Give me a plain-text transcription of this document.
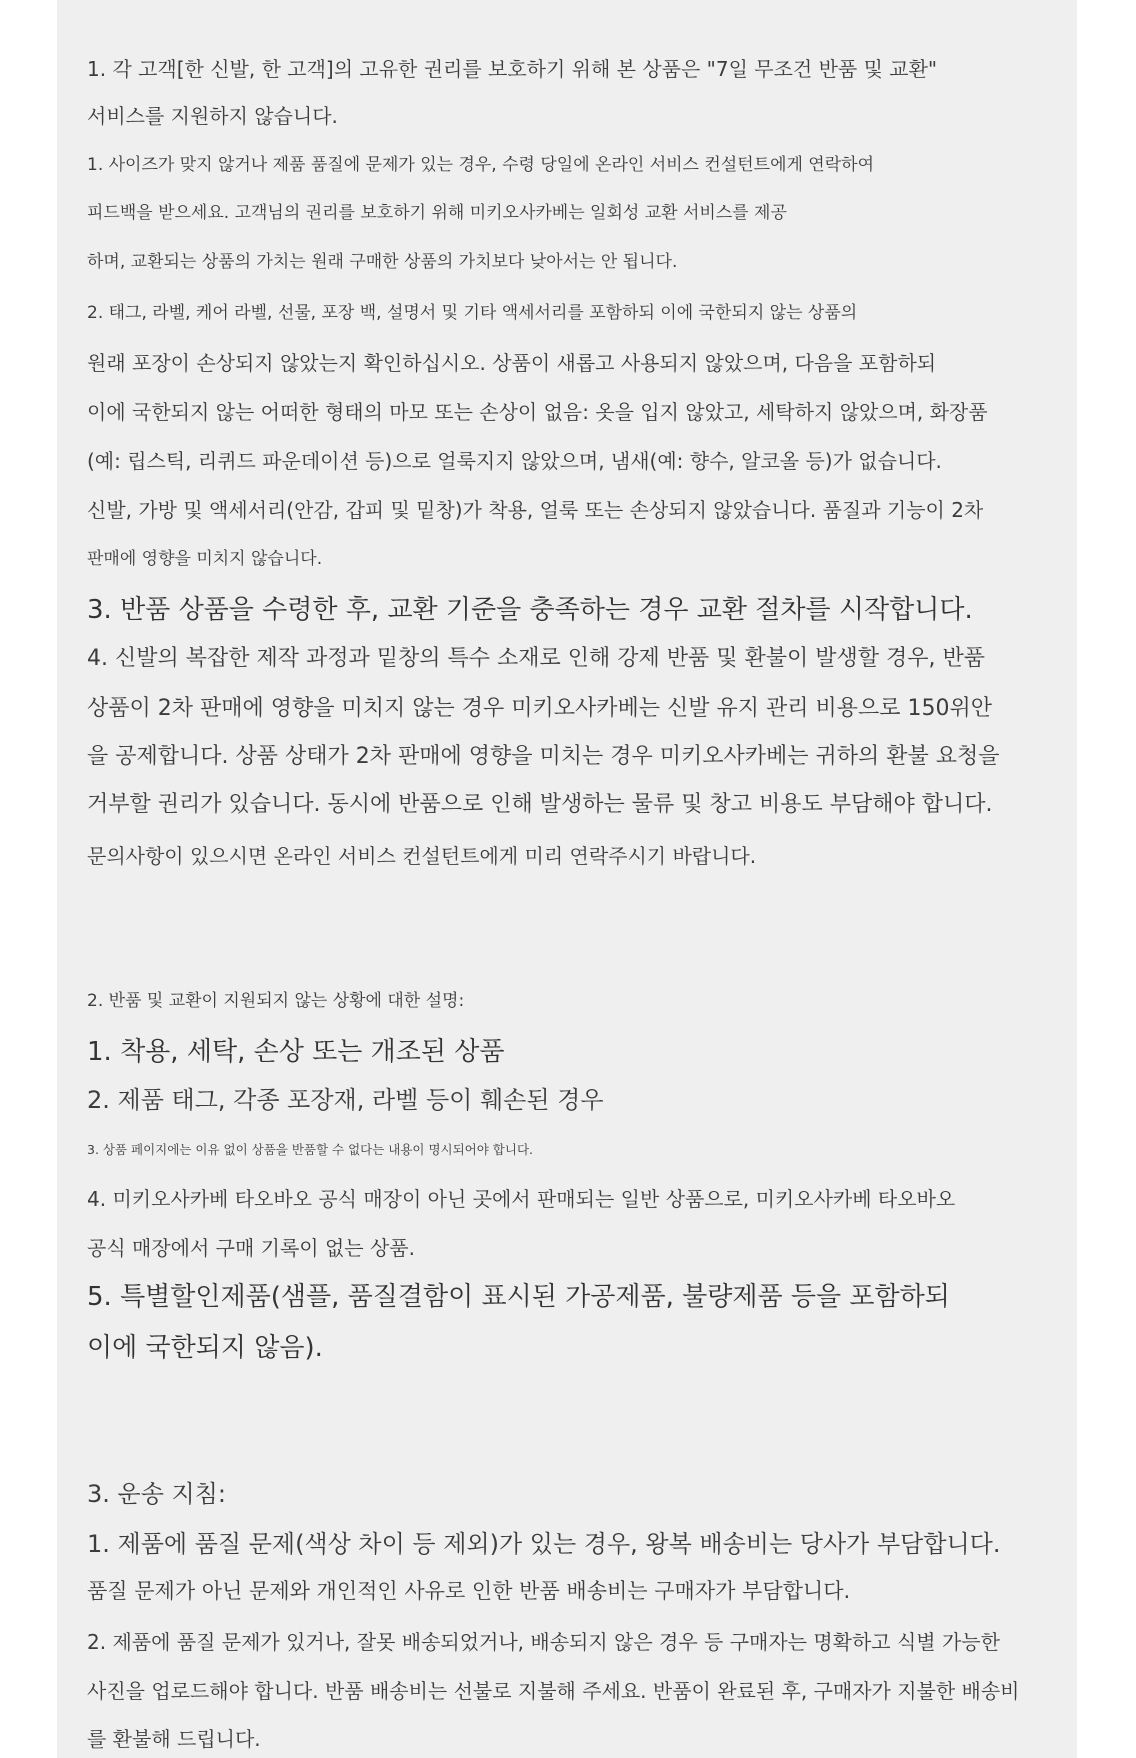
1. 각 고객[한 신발, 한 고객]의 고유한 권리를 보호하기 위해 본 상품은 "7일 무조건 반품 및 교환"
서비스를 지원하지 않습니다.
1. 사이즈가 맞지 않거나 제품 품질에 문제가 있는 경우, 수령 당일에 온라인 서비스 컨설턴트에게 연락하여
피드백을 받으세요. 고객님의 권리를 보호하기 위해 미키오사카베는 일회성 교환 서비스를 제공
하며, 교환되는 상품의 가치는 원래 구매한 상품의 가치보다 낮아서는 안 됩니다.
2. 태그, 라벨, 케어 라벨, 선물, 포장 백, 설명서 및 기타 액세서리를 포함하되 이에 국한되지 않는 상품의
원래 포장이 손상되지 않았는지 확인하십시오. 상품이 새롭고 사용되지 않았으며, 다음을 포함하되
이에 국한되지 않는 어떠한 형태의 마모 또는 손상이 없음: 옷을 입지 않았고, 세탁하지 않았으며, 화장품
(예: 립스틱, 리퀴드 파운데이션 등)으로 얼룩지지 않았으며, 냄새(예: 향수, 알코올 등)가 없습니다.
신발, 가방 및 액세서리(안감, 갑피 및 밑창)가 착용, 얼룩 또는 손상되지 않았습니다. 품질과 기능이 2차
판매에 영향을 미치지 않습니다.
3. 반품 상품을 수령한 후, 교환 기준을 충족하는 경우 교환 절차를 시작합니다.
4. 신발의 복잡한 제작 과정과 밑창의 특수 소재로 인해 강제 반품 및 환불이 발생할 경우, 반품
상품이 2차 판매에 영향을 미치지 않는 경우 미키오사카베는 신발 유지 관리 비용으로 150위안
을 공제합니다. 상품 상태가 2차 판매에 영향을 미치는 경우 미키오사카베는 귀하의 환불 요청을
거부할 권리가 있습니다. 동시에 반품으로 인해 발생하는 물류 및 창고 비용도 부담해야 합니다.
문의사항이 있으시면 온라인 서비스 컨설턴트에게 미리 연락주시기 바랍니다.
2. 반품 및 교환이 지원되지 않는 상황에 대한 설명:
1. 착용, 세탁, 손상 또는 개조된 상품
2. 제품 태그, 각종 포장재, 라벨 등이 훼손된 경우
3. 상품 페이지에는 이유 없이 상품을 반품할 수 없다는 내용이 명시되어야 합니다.
4. 미키오사카베 타오바오 공식 매장이 아닌 곳에서 판매되는 일반 상품으로, 미키오사카베 타오바오
공식 매장에서 구매 기록이 없는 상품.
5. 특별할인제품(샘플, 품질결함이 표시된 가공제품, 불량제품 등을 포함하되
이에 국한되지 않음).
3. 운송 지침:
1. 제품에 품질 문제(색상 차이 등 제외)가 있는 경우, 왕복 배송비는 당사가 부담합니다.
품질 문제가 아닌 문제와 개인적인 사유로 인한 반품 배송비는 구매자가 부담합니다.
2. 제품에 품질 문제가 있거나, 잘못 배송되었거나, 배송되지 않은 경우 등 구매자는 명확하고 식별 가능한
사진을 업로드해야 합니다. 반품 배송비는 선불로 지불해 주세요. 반품이 완료된 후, 구매자가 지불한 배송비
를 환불해 드립니다.
